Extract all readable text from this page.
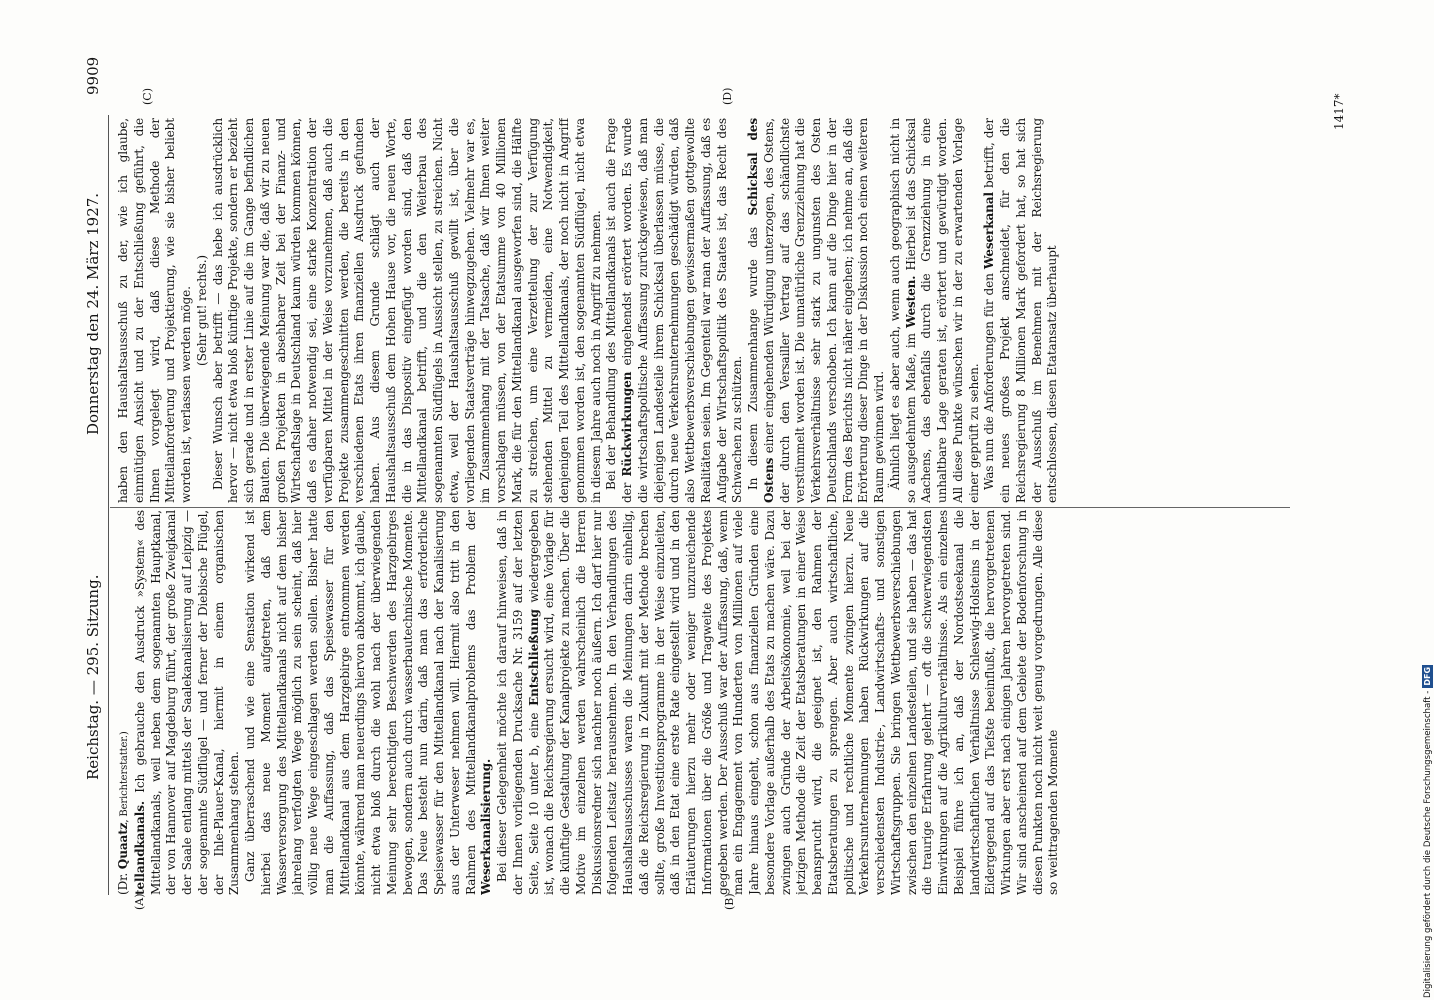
Reichstag. — 295. Sitzung.
Donnerstag den 24. März 1927.
9909
(A)	(B)
(C)	(D)

(Dr. Quaatz, Berichterstatter.)

tellandkanals. Ich gebrauche den Ausdruck »System« des Mittellandkanals, weil neben dem sogenannten Hauptkanal, der von Hannover auf Magdeburg führt, der große Zweigkanal der Saale entlang mittels der Saalekanalisierung auf Leipzig — der sogenannte Südflügel — und ferner der Diebische Flügel, der Ihle-Plauer-Kanal, hiermit in einem organischen Zusammenhang stehen. Ganz überraschend und wie eine Sensation wirkend ist hierbei das neue Moment aufgetreten, daß dem Wasserversorgung des Mittellandkanals nicht auf dem bisher jahrelang verfolgten Wege möglich zu sein scheint, daß hier völlig neue Wege eingeschlagen werden sollen. Bisher hatte man die Auffassung, daß das Speisewasser für den Mittellandkanal aus dem Harzgebirge entnommen werden könnte, während man neuerdings hiervon abkommt, ich glaube, nicht etwa bloß durch die wohl nach der überwiegenden Meinung sehr berechtigten Beschwerden des Harzgebirges bewogen, sondern auch durch wasserbautechnische Momente. Das Neue besteht nun darin, daß man das erforderliche Speisewasser für den Mittellandkanal nach der Kanalisierung aus der Unterweser nehmen will. Hiermit also tritt in den Rahmen des Mittellandkanalproblems das Problem der Weserkanalisierung. Bei dieser Gelegenheit möchte ich darauf hinweisen, daß in der Ihnen vorliegenden Drucksache Nr. 3159 auf der letzten Seite, Seite 10 unter b, eine Entschließung wiedergegeben ist, wonach die Reichsregierung ersucht wird, eine Vorlage für die künftige Gestaltung der Kanalprojekte zu machen. Über die Motive im einzelnen werden wahrscheinlich die Herren Diskussionsredner sich nachher noch äußern. Ich darf hier nur folgenden Leitsatz herausnehmen. In den Verhandlungen des Haushaltsausschusses waren die Meinungen darin einhellig, daß die Reichsregierung in Zukunft mit der Methode brechen sollte, große Investitionsprogramme in der Weise einzuleiten, daß in den Etat eine erste Rate eingestellt wird und in den Erläuterungen hierzu mehr oder weniger unzureichende Informationen über die Größe und Tragweite des Projektes gegeben werden. Der Ausschuß war der Auffassung, daß, wenn man ein Engagement von Hunderten von Millionen auf viele Jahre hinaus eingeht, schon aus finanziellen Gründen eine besondere Vorlage außerhalb des Etats zu machen wäre. Dazu zwingen auch Gründe der Arbeitsökonomie, weil bei der jetzigen Methode die Zeit der Etatsberatungen in einer Weise beansprucht wird, die geeignet ist, den Rahmen der Etatsberatungen zu sprengen. Aber auch wirtschaftliche, politische und rechtliche Momente zwingen hierzu. Neue Verkehrsunternehmungen haben Rückwirkungen auf die verschiedensten Industrie-, Landwirtschafts- und sonstigen Wirtschaftsgruppen. Sie bringen Wettbewerbsverschiebungen zwischen den einzelnen Landesteilen, und sie haben — das hat die traurige Erfahrung gelehrt — oft die schwerwiegendsten Einwirkungen auf die Agrikulturverhältnisse. Als ein einzelnes Beispiel führe ich an, daß der Nordostseekanal die landwirtschaftlichen Verhältnisse Schleswig-Holsteins in der Eidergegend auf das Tiefste beeinflußt, die hervorgetretenen Wirkungen aber erst nach einigen Jahren hervorgetreten sind. Wir sind anscheinend auf dem Gebiete der Bodenforschung in diesen Punkten noch nicht weit genug vorgedrungen. Alle diese so weittragenden Momente

haben den Haushaltsausschuß zu der, wie ich glaube, einmütigen Ansicht und zu der Entschließung geführt, die Ihnen vorgelegt wird, daß diese Methode der Mitteilanforderung und Projektierung, wie sie bisher beliebt worden ist, verlassen werden möge. (Sehr gut! rechts.) Dieser Wunsch aber betrifft — das hebe ich ausdrücklich hervor — nicht etwa bloß künftige Projekte, sondern er bezieht sich gerade und in erster Linie auf die im Gange befindlichen Bauten. Die überwiegende Meinung war die, daß wir zu neuen großen Projekten in absehbarer Zeit bei der Finanz- und Wirtschaftslage in Deutschland kaum würden kommen können, daß es daher notwendig sei, eine starke Konzentration der verfügbaren Mittel in der Weise vorzunehmen, daß auch die Projekte zusammengeschnitten werden, die bereits in den verschiedenen Etats ihren finanziellen Ausdruck gefunden haben. Aus diesem Grunde schlägt auch der Haushaltsausschuß dem Hohen Hause vor, die neuen Worte, die in das Dispositiv eingefügt worden sind, daß den Mittellandkanal betrifft, und die den Weiterbau des sogenannten Südflügels in Aussicht stellen, zu streichen. Nicht etwa, weil der Haushaltsausschuß gewillt ist, über die vorliegenden Staatsverträge hinwegzugehen. Vielmehr war es, im Zusammenhang mit der Tatsache, daß wir Ihnen weiter vorschlagen müssen, von der Etatsumme von 40 Millionen Mark, die für den Mittellandkanal ausgeworfen sind, die Hälfte zu streichen, um eine Verzettelung der zur Verfügung stehenden Mittel zu vermeiden, eine Notwendigkeit, denjenigen Teil des Mittellandkanals, der noch nicht in Angriff genommen worden ist, den sogenannten Südflügel, nicht etwa in diesem Jahre auch noch in Angriff zu nehmen. Bei der Behandlung des Mittellandkanals ist auch die Frage der Rückwirkungen eingehendst erörtert worden. Es wurde die wirtschaftspolitische Auffassung zurückgewiesen, daß man diejenigen Landesteile ihrem Schicksal überlassen müsse, die durch neue Verkehrsunternehmungen geschädigt würden, daß also Wettbewerbsverschiebungen gewissermaßen gottgewollte Realitäten seien. Im Gegenteil war man der Auffassung, daß es Aufgabe der Wirtschaftspolitik des Staates ist, das Recht des Schwachen zu schützen. In diesem Zusammenhange wurde das Schicksal des Ostens einer eingehenden Würdigung unterzogen, des Ostens, der durch den Versailler Vertrag auf das schändlichste verstümmelt worden ist. Die unnatürliche Grenzziehung hat die Verkehrsverhältnisse sehr stark zu ungunsten des Osten Deutschlands verschoben. Ich kann auf die Dinge hier in der Form des Berichts nicht näher eingehen; ich nehme an, daß die Erörterung dieser Dinge in der Diskussion noch einen weiteren Raum gewinnen wird. Ähnlich liegt es aber auch, wenn auch geographisch nicht in so ausgedehntem Maße, im Westen. Hierbei ist das Schicksal Aachens, das ebenfalls durch die Grenzziehung in eine unhaltbare Lage geraten ist, erörtert und gewürdigt worden. All diese Punkte wünschen wir in der zu erwartenden Vorlage einer geprüft zu sehen. Was nun die Anforderungen für den Weserkanal betrifft, der ein neues großes Projekt anschneidet, für den die Reichsregierung 8 Millionen Mark gefordert hat, so hat sich der Ausschuß im Benehmen mit der Reichsregierung entschlossen, diesen Etatansatz überhaupt

1417*
Digitalisierung gefördert durch die Deutsche Forschungsgemeinschaft -DFG
